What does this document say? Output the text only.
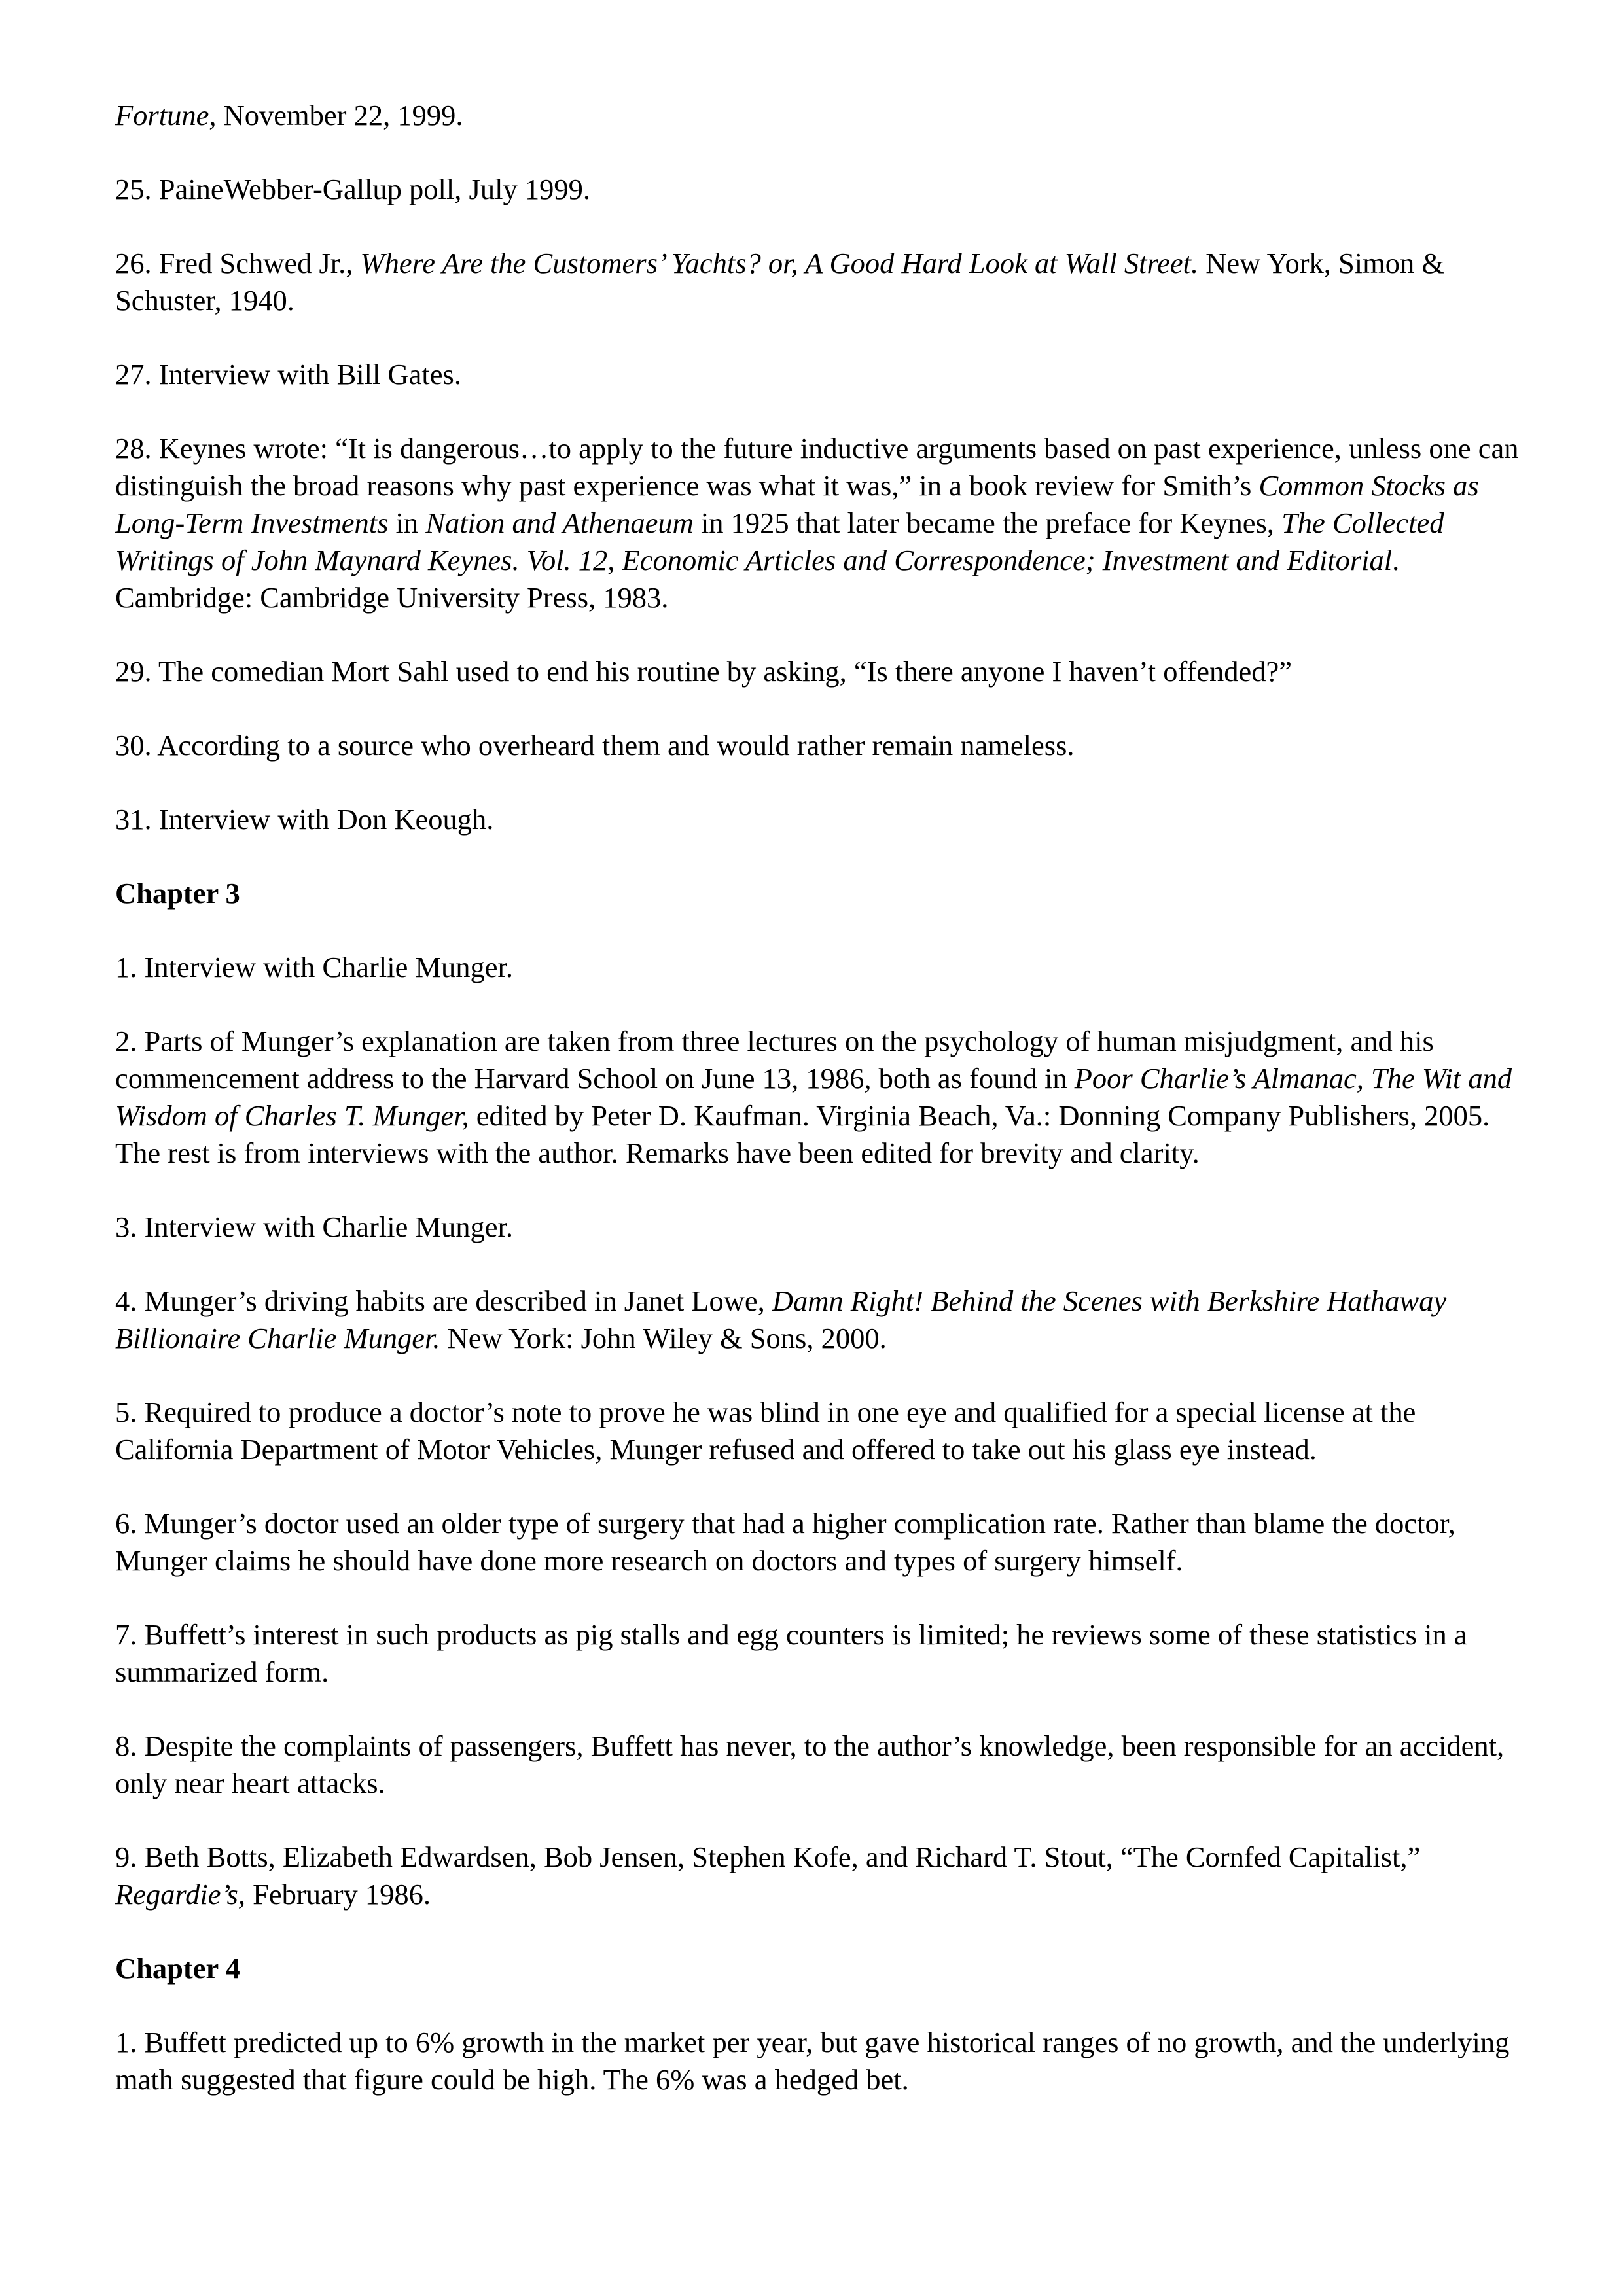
Fortune, November 22, 1999.

25. PaineWebber-Gallup poll, July 1999.

26. Fred Schwed Jr., Where Are the Customers’ Yachts? or, A Good Hard Look at Wall Street. New York, Simon & Schuster, 1940.

27. Interview with Bill Gates.

28. Keynes wrote: “It is dangerous…to apply to the future inductive arguments based on past experience, unless one can distinguish the broad reasons why past experience was what it was,” in a book review for Smith’s Common Stocks as Long-Term Investments in Nation and Athenaeum in 1925 that later became the preface for Keynes, The Collected Writings of John Maynard Keynes. Vol. 12, Economic Articles and Correspondence; Investment and Editorial. Cambridge: Cambridge University Press, 1983.

29. The comedian Mort Sahl used to end his routine by asking, “Is there anyone I haven’t offended?”

30. According to a source who overheard them and would rather remain nameless.

31. Interview with Don Keough.

Chapter 3

1. Interview with Charlie Munger.

2. Parts of Munger’s explanation are taken from three lectures on the psychology of human misjudgment, and his commencement address to the Harvard School on June 13, 1986, both as found in Poor Charlie’s Almanac, The Wit and Wisdom of Charles T. Munger, edited by Peter D. Kaufman. Virginia Beach, Va.: Donning Company Publishers, 2005. The rest is from interviews with the author. Remarks have been edited for brevity and clarity.

3. Interview with Charlie Munger.

4. Munger’s driving habits are described in Janet Lowe, Damn Right! Behind the Scenes with Berkshire Hathaway Billionaire Charlie Munger. New York: John Wiley & Sons, 2000.

5. Required to produce a doctor’s note to prove he was blind in one eye and qualified for a special license at the California Department of Motor Vehicles, Munger refused and offered to take out his glass eye instead.

6. Munger’s doctor used an older type of surgery that had a higher complication rate. Rather than blame the doctor, Munger claims he should have done more research on doctors and types of surgery himself.

7. Buffett’s interest in such products as pig stalls and egg counters is limited; he reviews some of these statistics in a summarized form.

8. Despite the complaints of passengers, Buffett has never, to the author’s knowledge, been responsible for an accident, only near heart attacks.

9. Beth Botts, Elizabeth Edwardsen, Bob Jensen, Stephen Kofe, and Richard T. Stout, “The Cornfed Capitalist,” Regardie’s, February 1986.

Chapter 4

1. Buffett predicted up to 6% growth in the market per year, but gave historical ranges of no growth, and the underlying math suggested that figure could be high. The 6% was a hedged bet.
